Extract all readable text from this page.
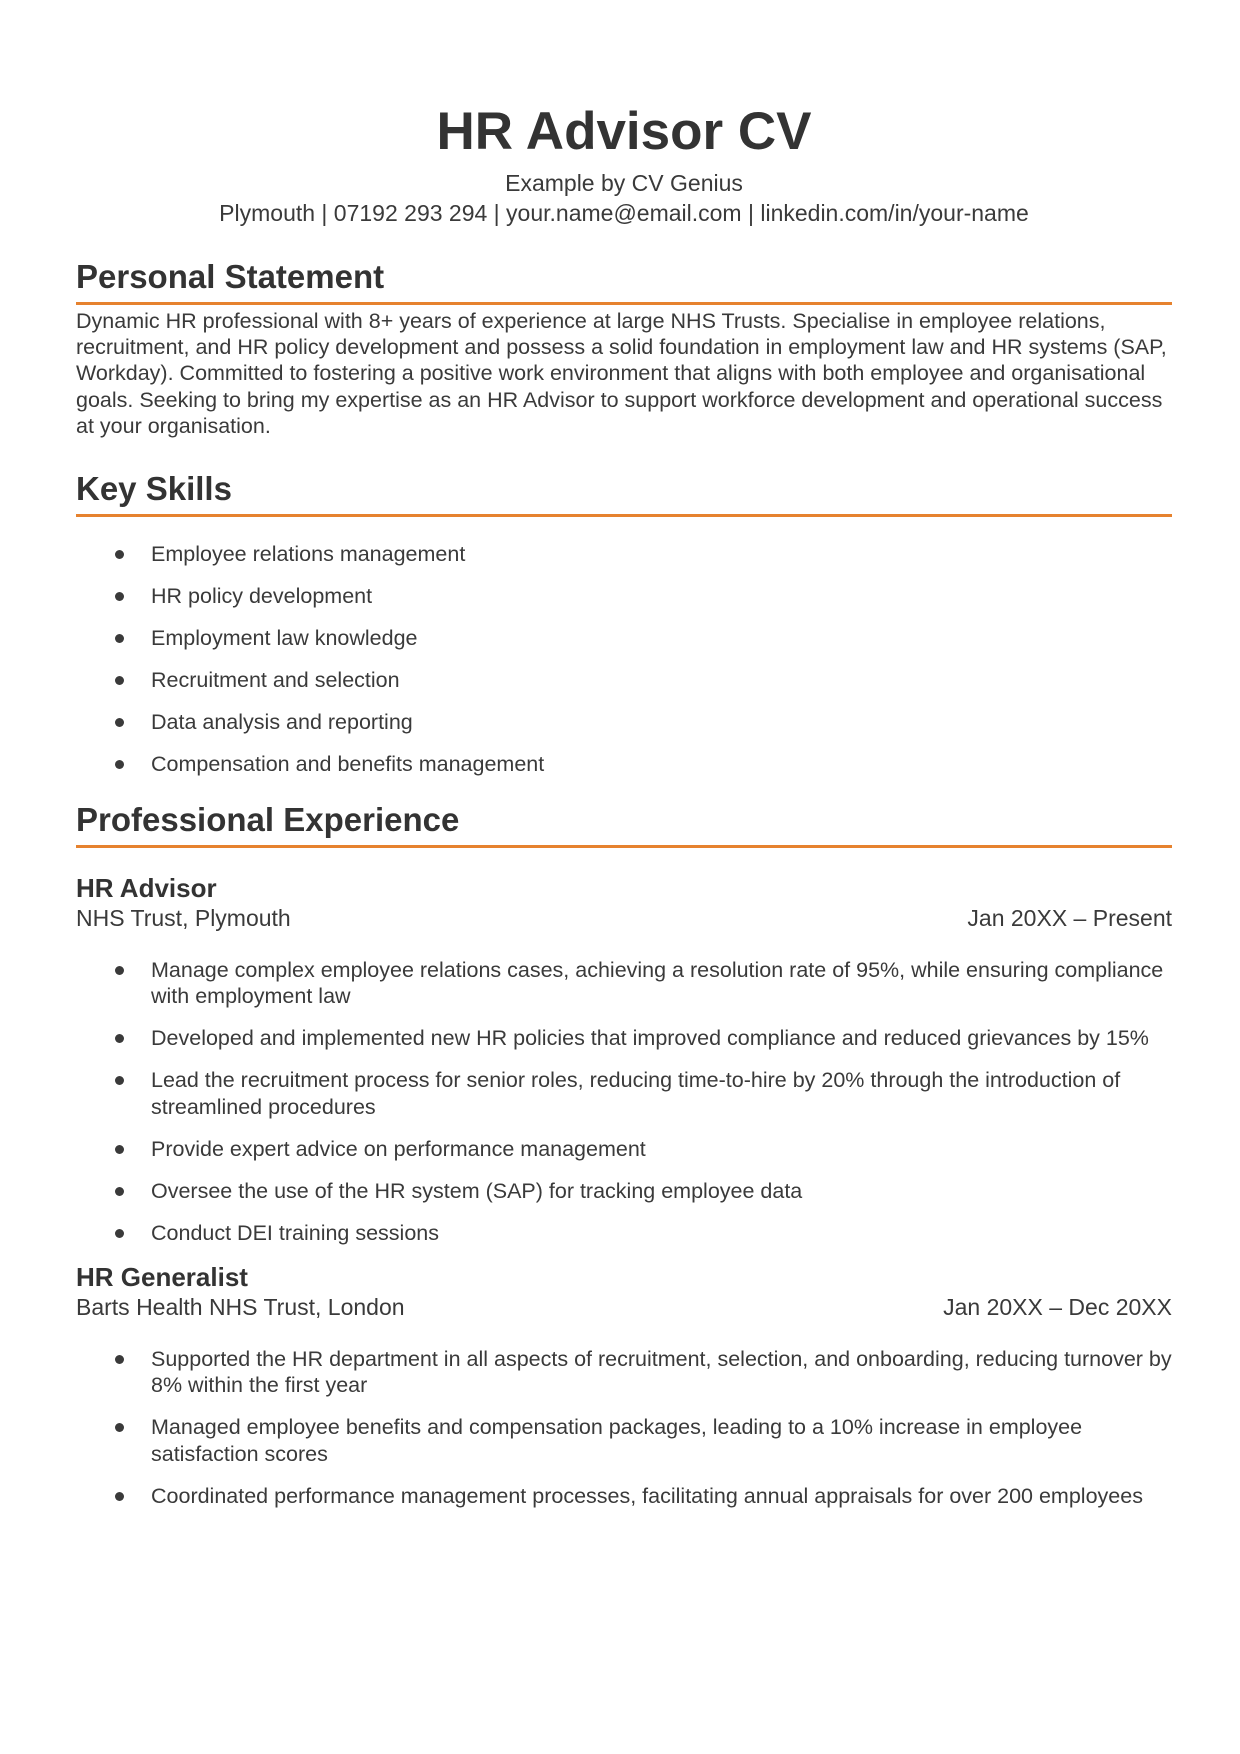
HR Advisor CV
Example by CV Genius
Plymouth | 07192 293 294 | your.name@email.com | linkedin.com/in/your-name
Personal Statement
Dynamic HR professional with 8+ years of experience at large NHS Trusts. Specialise in employee relations, recruitment, and HR policy development and possess a solid foundation in employment law and HR systems (SAP, Workday). Committed to fostering a positive work environment that aligns with both employee and organisational goals. Seeking to bring my expertise as an HR Advisor to support workforce development and operational success at your organisation.
Key Skills
Employee relations management
HR policy development
Employment law knowledge
Recruitment and selection
Data analysis and reporting
Compensation and benefits management
Professional Experience
HR Advisor
NHS Trust, Plymouth	Jan 20XX – Present
Manage complex employee relations cases, achieving a resolution rate of 95%, while ensuring compliance with employment law
Developed and implemented new HR policies that improved compliance and reduced grievances by 15%
Lead the recruitment process for senior roles, reducing time-to-hire by 20% through the introduction of streamlined procedures
Provide expert advice on performance management
Oversee the use of the HR system (SAP) for tracking employee data
Conduct DEI training sessions
HR Generalist
Barts Health NHS Trust, London	Jan 20XX – Dec 20XX
Supported the HR department in all aspects of recruitment, selection, and onboarding, reducing turnover by 8% within the first year
Managed employee benefits and compensation packages, leading to a 10% increase in employee satisfaction scores
Coordinated performance management processes, facilitating annual appraisals for over 200 employees
